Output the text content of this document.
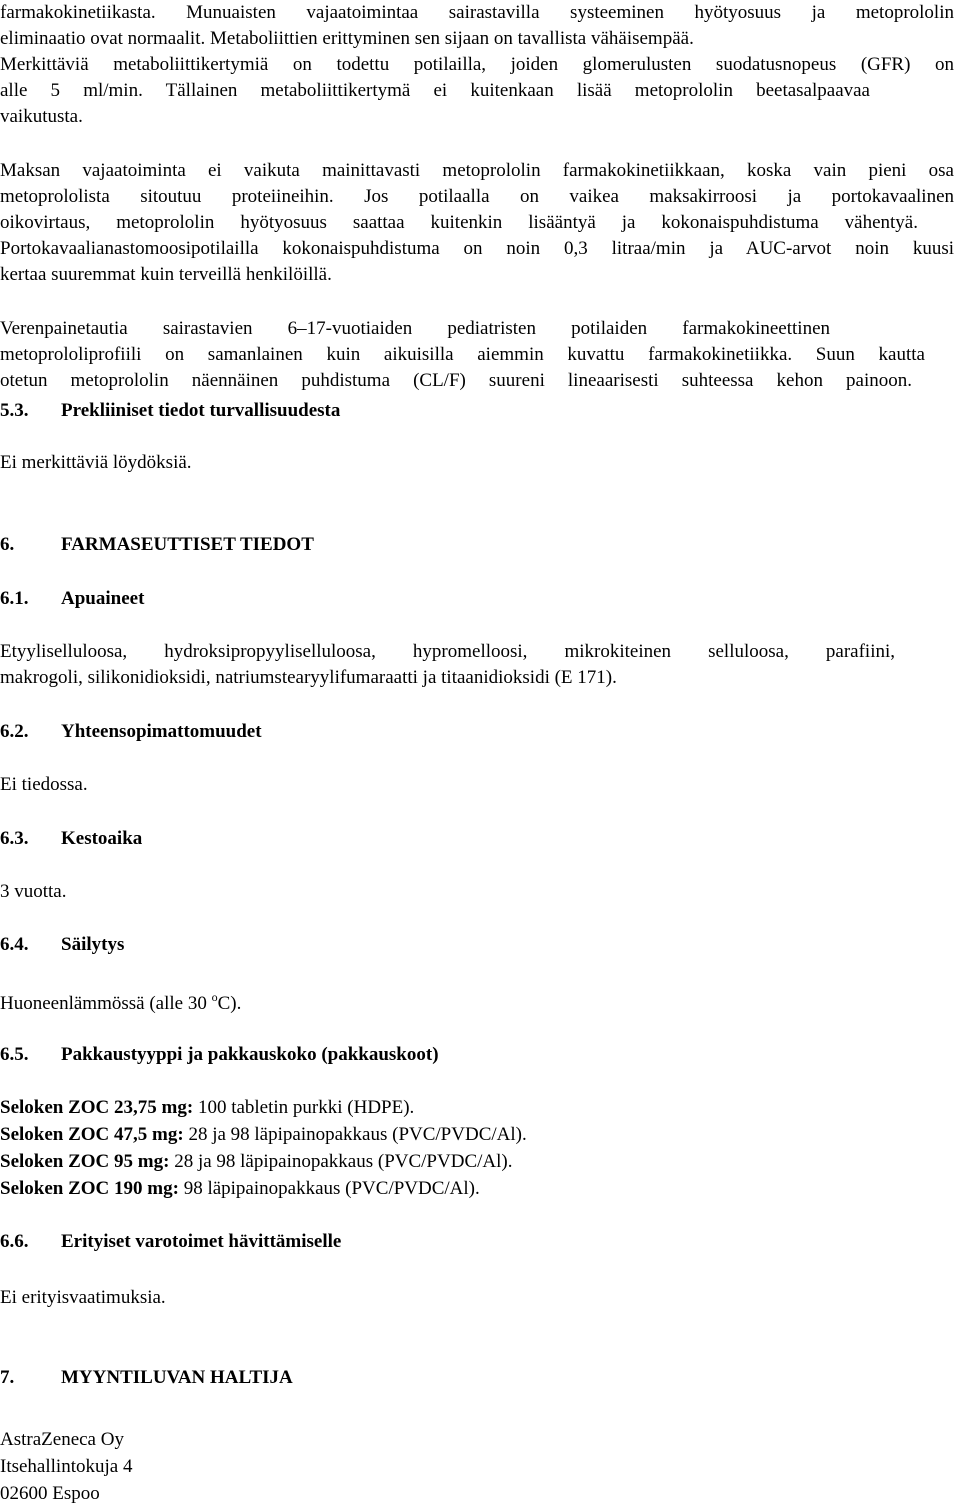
farmakokinetiikasta. Munuaisten vajaatoimintaa sairastavilla systeeminen hyötyosuus ja metoprololin

eliminaatio ovat normaalit. Metaboliittien erittyminen sen sijaan on tavallista vähäisempää.

Merkittäviä metaboliittikertymiä on todettu potilailla, joiden glomerulusten suodatusnopeus (GFR) on

alle 5 ml/min. Tällainen metaboliittikertymä ei kuitenkaan lisää metoprololin beetasalpaavaa

vaikutusta.

Maksan vajaatoiminta ei vaikuta mainittavasti metoprololin farmakokinetiikkaan, koska vain pieni osa

metoprololista sitoutuu proteiineihin. Jos potilaalla on vaikea maksakirroosi ja portokavaalinen

oikovirtaus, metoprololin hyötyosuus saattaa kuitenkin lisääntyä ja kokonaispuhdistuma vähentyä.

Portokavaalianastomoosipotilailla kokonaispuhdistuma on noin 0,3 litraa/min ja AUC-arvot noin kuusi

kertaa suuremmat kuin terveillä henkilöillä.

Verenpainetautia sairastavien 6–17-vuotiaiden pediatristen potilaiden farmakokineettinen

metoprololiprofiili on samanlainen kuin aikuisilla aiemmin kuvattu farmakokinetiikka. Suun kautta

otetun metoprololin näennäinen puhdistuma (CL/F) suureni lineaarisesti suhteessa kehon painoon.

5.3. Prekliiniset tiedot turvallisuudesta

Ei merkittäviä löydöksiä.

6. FARMASEUTTISET TIEDOT
6.1. Apuaineet

Etyyliselluloosa, hydroksipropyyliselluloosa, hypromelloosi, mikrokiteinen selluloosa, parafiini,

makrogoli, silikonidioksidi, natriumstearyylifumaraatti ja titaanidioksidi (E 171).

6.2. Yhteensopimattomuudet

Ei tiedossa.

6.3. Kestoaika

3 vuotta.

6.4. Säilytys

Huoneenlämmössä (alle 30 $^o$C).

6.5. Pakkaustyyppi ja pakkauskoko (pakkauskoot)

Seloken ZOC 23,75 mg: 100 tabletin purkki (HDPE).

Seloken ZOC 47,5 mg: 28 ja 98 läpipainopakkaus (PVC/PVDC/Al).

Seloken ZOC 95 mg: 28 ja 98 läpipainopakkaus (PVC/PVDC/Al).

Seloken ZOC 190 mg: 98 läpipainopakkaus (PVC/PVDC/Al).

6.6. Erityiset varotoimet hävittämiselle

Ei erityisvaatimuksia.

7. MYYNTILUVAN HALTIJA

AstraZeneca Oy

Itsehallintokuja 4

02600 Espoo
